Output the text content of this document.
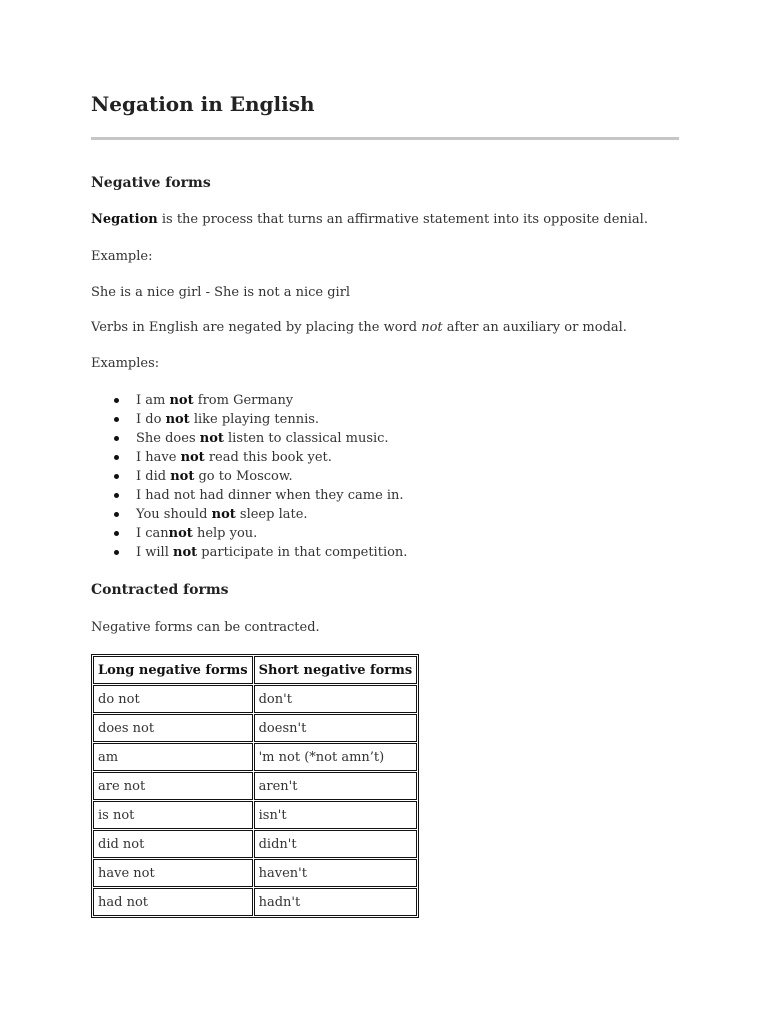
Negation in English
Negative forms

Negation is the process that turns an affirmative statement into its opposite denial.

Example:

She is a nice girl - She is not a nice girl

Verbs in English are negated by placing the word not after an auxiliary or modal.

Examples:

I am not from Germany
I do not like playing tennis.
She does not listen to classical music.
I have not read this book yet.
I did not go to Moscow.
I had not had dinner when they came in.
You should not sleep late.
I cannot help you.
I will not participate in that competition.
Contracted forms

Negative forms can be contracted.

Long negative forms	Short negative forms
do not	don't
does not	doesn't
am	'm not (*not amn’t)
are not	aren't
is not	isn't
did not	didn't
have not	haven't
had not	hadn't
